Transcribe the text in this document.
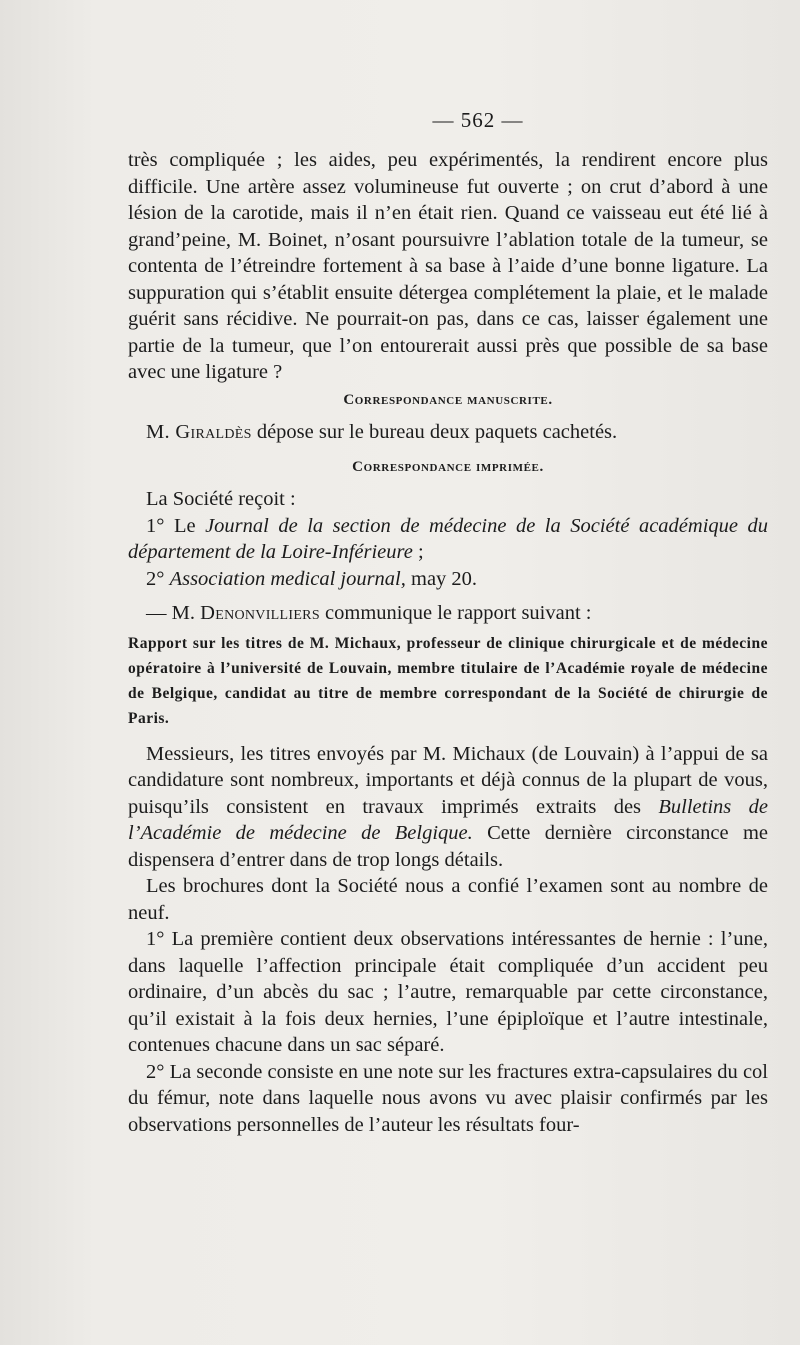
— 562 —

très compliquée ; les aides, peu expérimentés, la rendirent encore plus difficile. Une artère assez volumineuse fut ouverte ; on crut d’abord à une lésion de la carotide, mais il n’en était rien. Quand ce vaisseau eut été lié à grand’peine, M. Boinet, n’osant poursuivre l’ablation totale de la tumeur, se contenta de l’étreindre fortement à sa base à l’aide d’une bonne ligature. La suppuration qui s’établit ensuite détergea complétement la plaie, et le malade guérit sans récidive. Ne pourrait-on pas, dans ce cas, laisser également une partie de la tumeur, que l’on entourerait aussi près que possible de sa base avec une ligature ?

Correspondance manuscrite.

M. Giraldès dépose sur le bureau deux paquets cachetés.

Correspondance imprimée.

La Société reçoit :

1° Le Journal de la section de médecine de la Société académique du département de la Loire-Inférieure ;

2° Association medical journal, may 20.

— M. Denonvilliers communique le rapport suivant :

Rapport sur les titres de M. Michaux, professeur de clinique chirurgicale et de médecine opératoire à l’université de Louvain, membre titulaire de l’Académie royale de médecine de Belgique, candidat au titre de membre correspondant de la Société de chirurgie de Paris.

Messieurs, les titres envoyés par M. Michaux (de Louvain) à l’appui de sa candidature sont nombreux, importants et déjà connus de la plupart de vous, puisqu’ils consistent en travaux imprimés extraits des Bulletins de l’Académie de médecine de Belgique. Cette dernière circonstance me dispensera d’entrer dans de trop longs détails.

Les brochures dont la Société nous a confié l’examen sont au nombre de neuf.

1° La première contient deux observations intéressantes de hernie : l’une, dans laquelle l’affection principale était compliquée d’un accident peu ordinaire, d’un abcès du sac ; l’autre, remarquable par cette circonstance, qu’il existait à la fois deux hernies, l’une épiploïque et l’autre intestinale, contenues chacune dans un sac séparé.

2° La seconde consiste en une note sur les fractures extra-capsulaires du col du fémur, note dans laquelle nous avons vu avec plaisir confirmés par les observations personnelles de l’auteur les résultats four-
